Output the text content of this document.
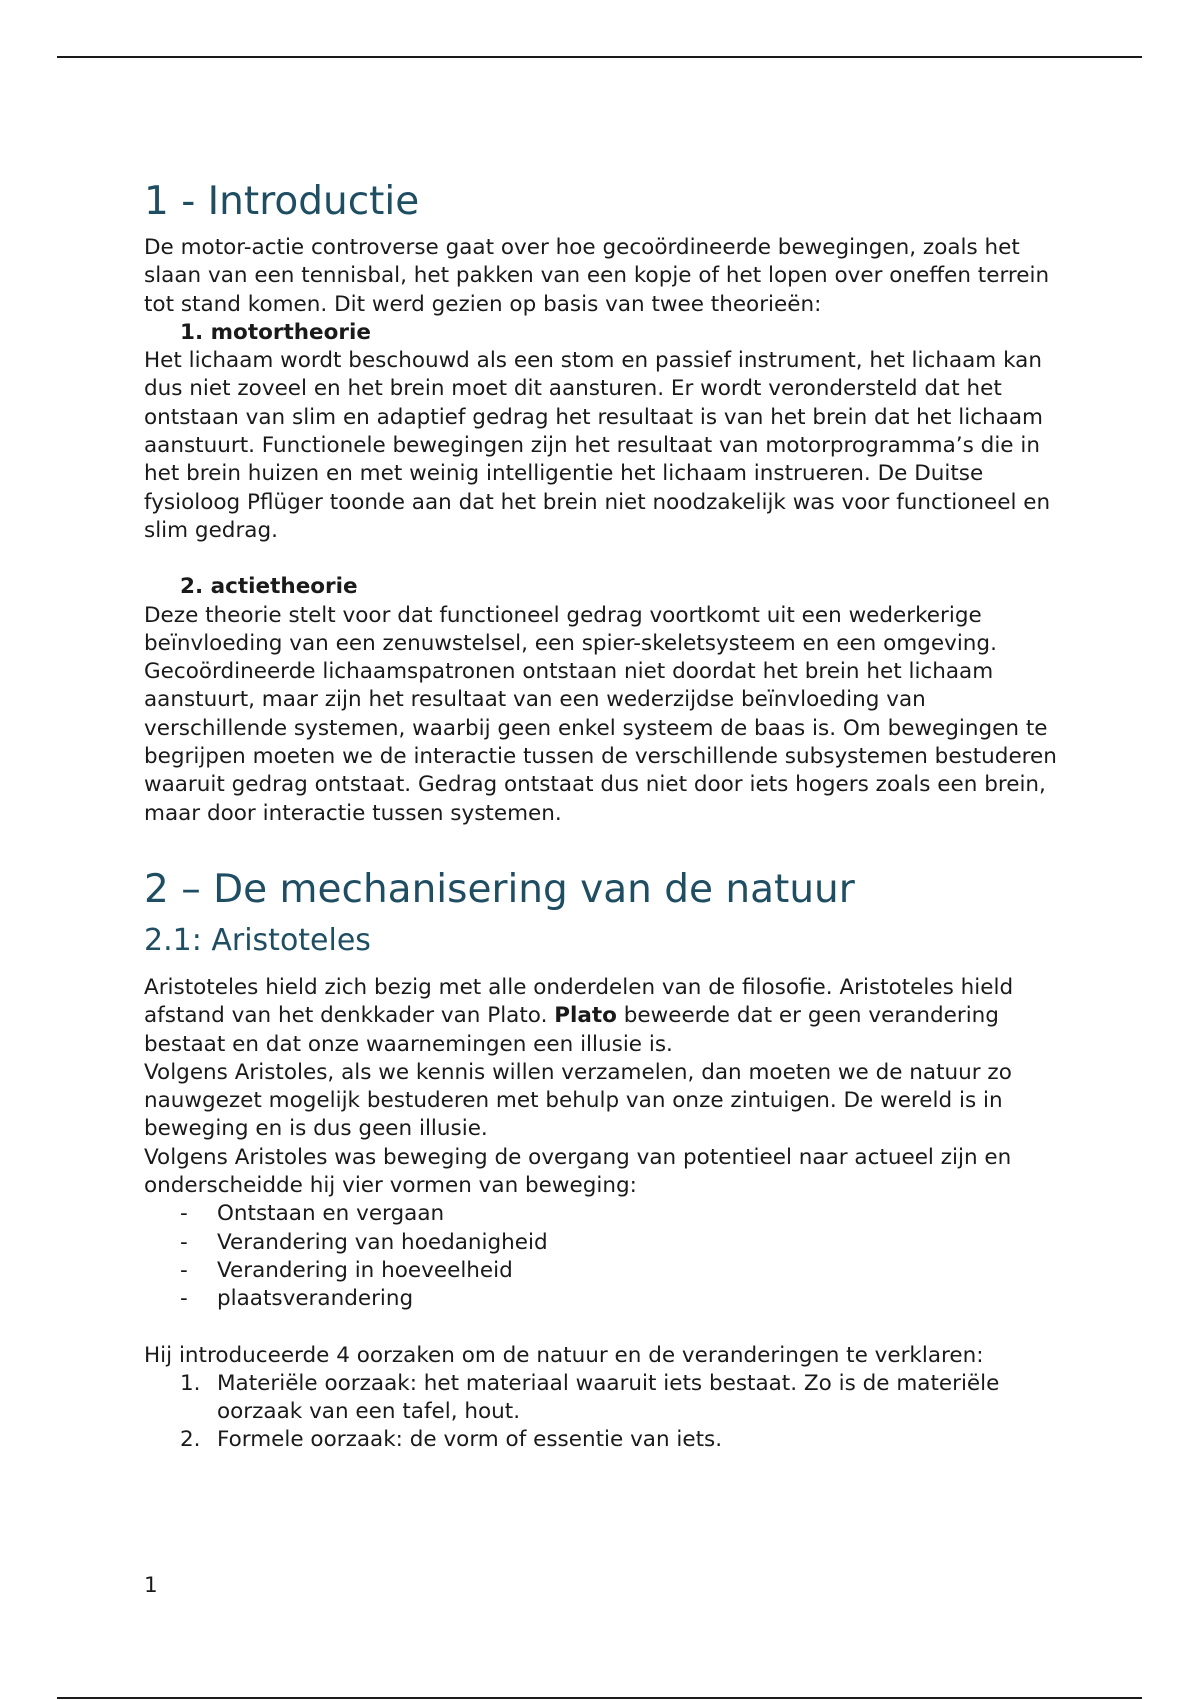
1 - Introductie

De motor-actie controverse gaat over hoe gecoördineerde bewegingen, zoals het slaan van een tennisbal, het pakken van een kopje of het lopen over oneffen terrein tot stand komen. Dit werd gezien op basis van twee theorieën:

1. motortheorie

Het lichaam wordt beschouwd als een stom en passief instrument, het lichaam kan dus niet zoveel en het brein moet dit aansturen. Er wordt verondersteld dat het ontstaan van slim en adaptief gedrag het resultaat is van het brein dat het lichaam aanstuurt. Functionele bewegingen zijn het resultaat van motorprogramma’s die in het brein huizen en met weinig intelligentie het lichaam instrueren. De Duitse fysioloog Pflüger toonde aan dat het brein niet noodzakelijk was voor functioneel en slim gedrag.

2. actietheorie

Deze theorie stelt voor dat functioneel gedrag voortkomt uit een wederkerige beïnvloeding van een zenuwstelsel, een spier-skeletsysteem en een omgeving. Gecoördineerde lichaamspatronen ontstaan niet doordat het brein het lichaam aanstuurt, maar zijn het resultaat van een wederzijdse beïnvloeding van verschillende systemen, waarbij geen enkel systeem de baas is. Om bewegingen te begrijpen moeten we de interactie tussen de verschillende subsystemen bestuderen waaruit gedrag ontstaat. Gedrag ontstaat dus niet door iets hogers zoals een brein, maar door interactie tussen systemen.

2 – De mechanisering van de natuur
2.1: Aristoteles

Aristoteles hield zich bezig met alle onderdelen van de filosofie. Aristoteles hield afstand van het denkkader van Plato. Plato beweerde dat er geen verandering bestaat en dat onze waarnemingen een illusie is.

Volgens Aristoles, als we kennis willen verzamelen, dan moeten we de natuur zo nauwgezet mogelijk bestuderen met behulp van onze zintuigen. De wereld is in beweging en is dus geen illusie.

Volgens Aristoles was beweging de overgang van potentieel naar actueel zijn en onderscheidde hij vier vormen van beweging:

- Ontstaan en vergaan
- Verandering van hoedanigheid
- Verandering in hoeveelheid
- plaatsverandering

Hij introduceerde 4 oorzaken om de natuur en de veranderingen te verklaren:

1. Materiële oorzaak: het materiaal waaruit iets bestaat. Zo is de materiële oorzaak van een tafel, hout.
2. Formele oorzaak: de vorm of essentie van iets.
1
